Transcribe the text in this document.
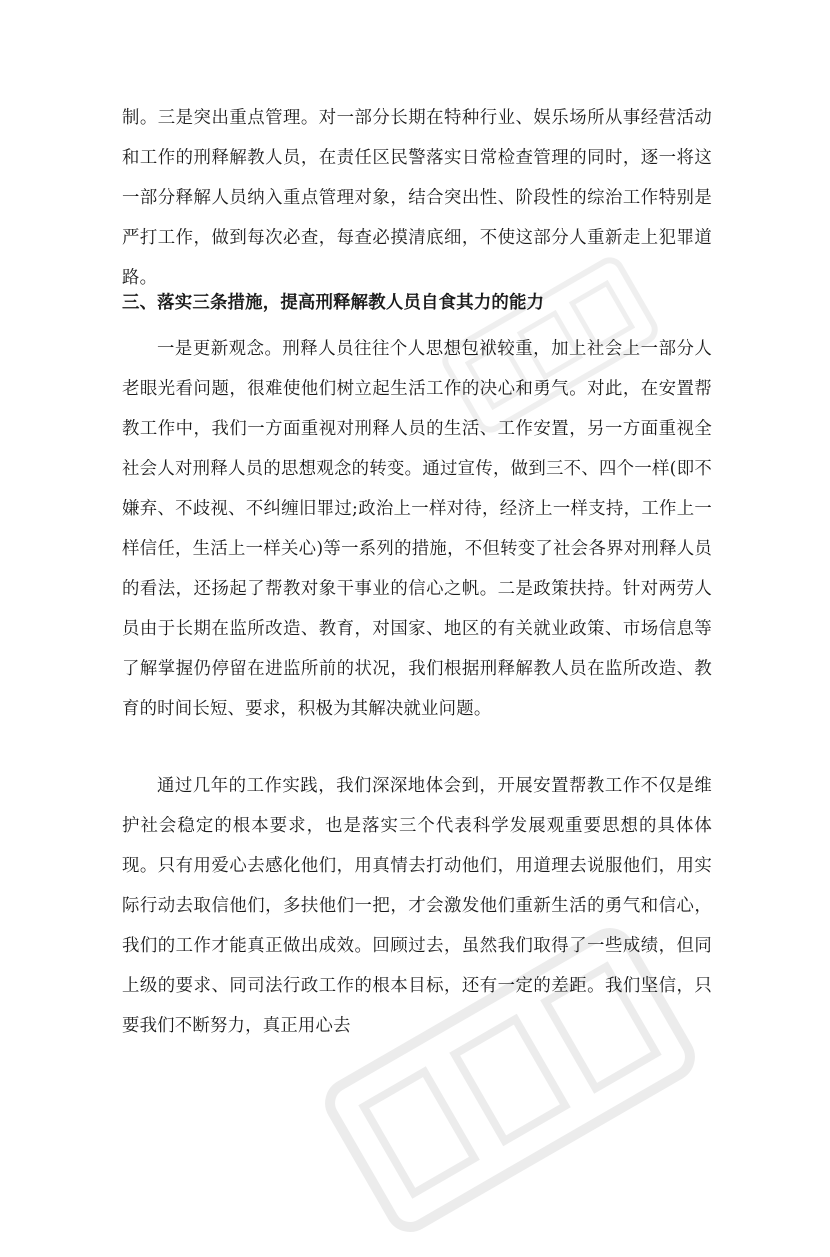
制。三是突出重点管理。对一部分长期在特种行业、娱乐场所从事经营活动和工作的刑释解教人员，在责任区民警落实日常检查管理的同时，逐一将这一部分释解人员纳入重点管理对象，结合突出性、阶段性的综治工作特别是严打工作，做到每次必查，每查必摸清底细，不使这部分人重新走上犯罪道路。

三、落实三条措施，提高刑释解教人员自食其力的能力

一是更新观念。刑释人员往往个人思想包袱较重，加上社会上一部分人老眼光看问题，很难使他们树立起生活工作的决心和勇气。对此，在安置帮教工作中，我们一方面重视对刑释人员的生活、工作安置，另一方面重视全社会人对刑释人员的思想观念的转变。通过宣传，做到三不、四个一样(即不嫌弃、不歧视、不纠缠旧罪过;政治上一样对待，经济上一样支持，工作上一样信任，生活上一样关心)等一系列的措施，不但转变了社会各界对刑释人员的看法，还扬起了帮教对象干事业的信心之帆。二是政策扶持。针对两劳人员由于长期在监所改造、教育，对国家、地区的有关就业政策、市场信息等了解掌握仍停留在进监所前的状况，我们根据刑释解教人员在监所改造、教育的时间长短、要求，积极为其解决就业问题。

通过几年的工作实践，我们深深地体会到，开展安置帮教工作不仅是维护社会稳定的根本要求，也是落实三个代表科学发展观重要思想的具体体现。只有用爱心去感化他们，用真情去打动他们，用道理去说服他们，用实际行动去取信他们，多扶他们一把，才会激发他们重新生活的勇气和信心，我们的工作才能真正做出成效。回顾过去，虽然我们取得了一些成绩，但同上级的要求、同司法行政工作的根本目标，还有一定的差距。我们坚信，只要我们不断努力，真正用心去
